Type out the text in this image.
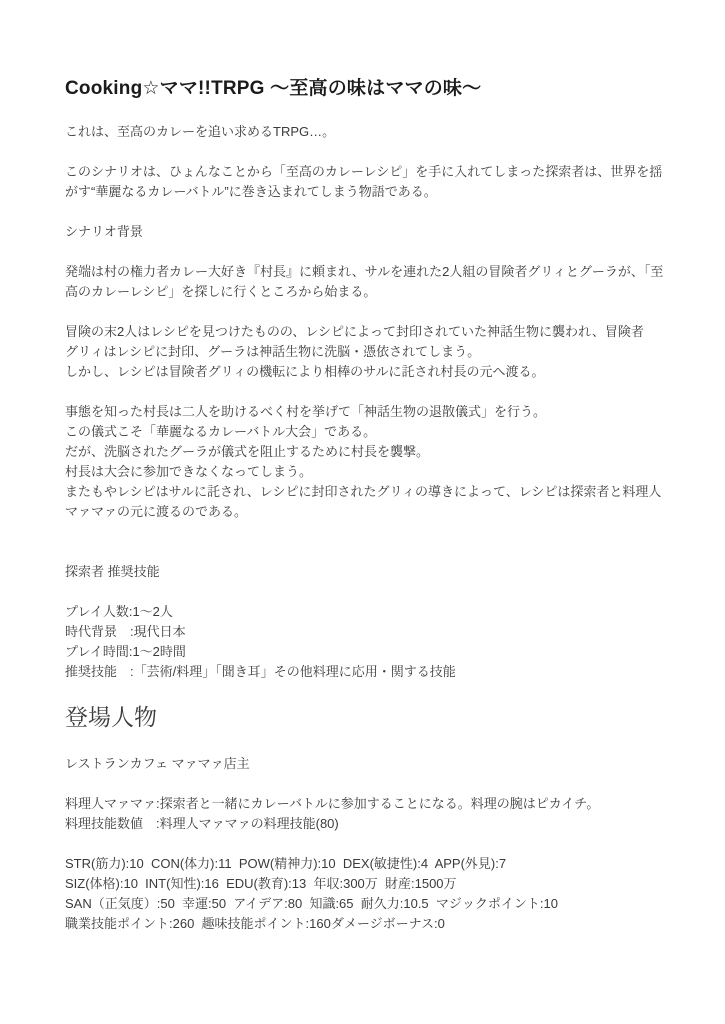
Cooking☆ママ!!TRPG ～至高の味はママの味～
これは、至高のカレーを追い求めるTRPG…。
このシナリオは、ひょんなことから「至高のカレーレシピ」を手に入れてしまった探索者は、世界を揺
がす“華麗なるカレーバトル”に巻き込まれてしまう物語である。
シナリオ背景
発端は村の権力者カレー大好き『村長』に頼まれ、サルを連れた2人組の冒険者グリィとグーラが、「至
高のカレーレシピ」を探しに行くところから始まる。
冒険の末2人はレシピを見つけたものの、レシピによって封印されていた神話生物に襲われ、冒険者
グリィはレシピに封印、グーラは神話生物に洗脳・憑依されてしまう。
しかし、レシピは冒険者グリィの機転により相棒のサルに託され村長の元へ渡る。
事態を知った村長は二人を助けるべく村を挙げて「神話生物の退散儀式」を行う。
この儀式こそ「華麗なるカレーバトル大会」である。
だが、洗脳されたグーラが儀式を阻止するために村長を襲撃。
村長は大会に参加できなくなってしまう。
またもやレシピはサルに託され、レシピに封印されたグリィの導きによって、レシピは探索者と料理人
マァマァの元に渡るのである。
探索者 推奨技能
プレイ人数:1～2人
時代背景　:現代日本
プレイ時間:1～2時間
推奨技能　:「芸術/料理」「聞き耳」その他料理に応用・関する技能
登場人物
レストランカフェ マァマァ店主
料理人マァマァ:探索者と一緒にカレーバトルに参加することになる。料理の腕はピカイチ。
料理技能数値　:料理人マァマァの料理技能(80)
STR(筋力):10  CON(体力):11  POW(精神力):10  DEX(敏捷性):4  APP(外見):7
SIZ(体格):10  INT(知性):16  EDU(教育):13  年収:300万  財産:1500万
SAN（正気度）:50  幸運:50  アイデア:80  知識:65  耐久力:10.5  マジックポイント:10
職業技能ポイント:260  趣味技能ポイント:160ダメージボーナス:0
